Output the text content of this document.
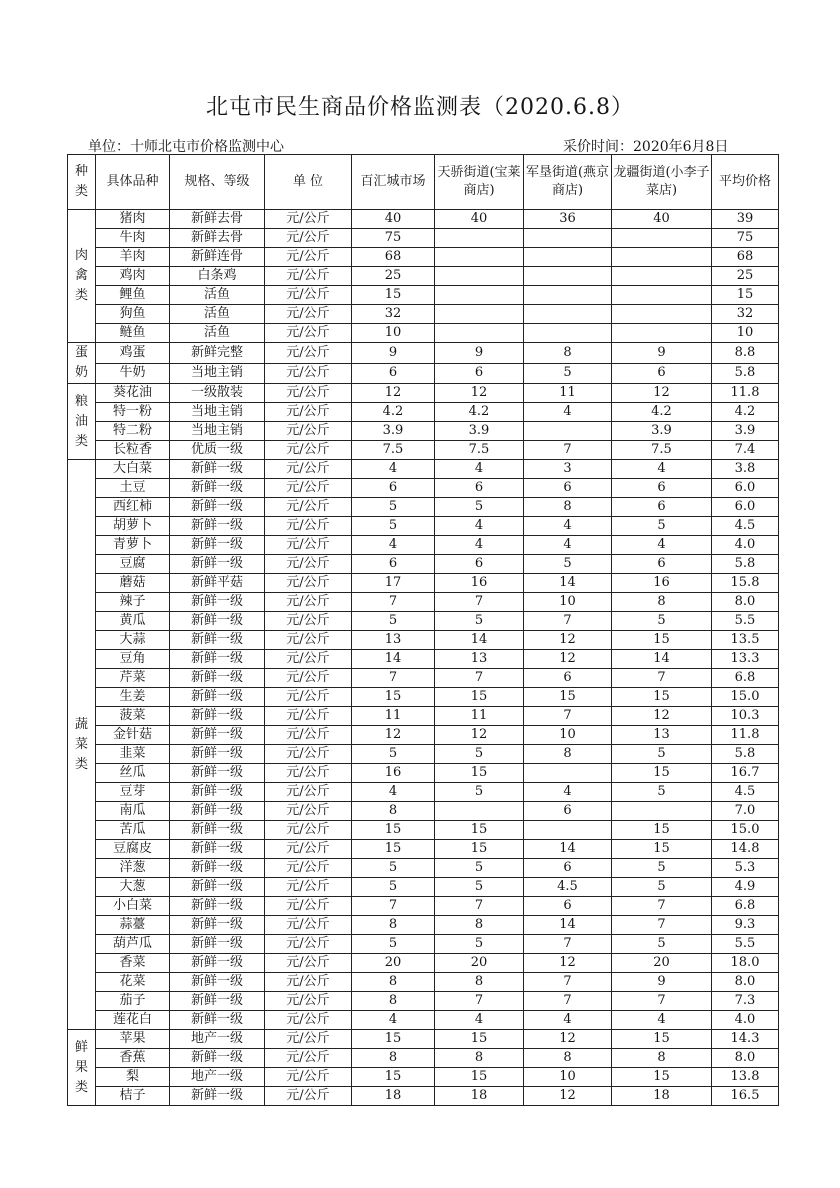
北屯市民生商品价格监测表（2020.6.8）
单位：十师北屯市价格监测中心	采价时间：2020年6月8日
种类	具体品种	规格、等级	单 位	百汇城市场	天骄街道(宝莱商店)	军垦街道(燕京商店)	龙疆街道(小李子菜店)	平均价格
肉禽类	猪肉	新鲜去骨	元/公斤	40	40	36	40	39
	牛肉	新鲜去骨	元/公斤	75				75
	羊肉	新鲜连骨	元/公斤	68				68
	鸡肉	白条鸡	元/公斤	25				25
	鲤鱼	活鱼	元/公斤	15				15
	狗鱼	活鱼	元/公斤	32				32
	鲢鱼	活鱼	元/公斤	10				10
蛋奶	鸡蛋	新鲜完整	元/公斤	9	9	8	9	8.8
	牛奶	当地主销	元/公斤	6	6	5	6	5.8
粮油类	葵花油	一级散装	元/公斤	12	12	11	12	11.8
	特一粉	当地主销	元/公斤	4.2	4.2	4	4.2	4.2
	特二粉	当地主销	元/公斤	3.9	3.9		3.9	3.9
	长粒香	优质一级	元/公斤	7.5	7.5	7	7.5	7.4
蔬菜类	大白菜	新鲜一级	元/公斤	4	4	3	4	3.8
	土豆	新鲜一级	元/公斤	6	6	6	6	6.0
	西红柿	新鲜一级	元/公斤	5	5	8	6	6.0
	胡萝卜	新鲜一级	元/公斤	5	4	4	5	4.5
	青萝卜	新鲜一级	元/公斤	4	4	4	4	4.0
	豆腐	新鲜一级	元/公斤	6	6	5	6	5.8
	蘑菇	新鲜平菇	元/公斤	17	16	14	16	15.8
	辣子	新鲜一级	元/公斤	7	7	10	8	8.0
	黄瓜	新鲜一级	元/公斤	5	5	7	5	5.5
	大蒜	新鲜一级	元/公斤	13	14	12	15	13.5
	豆角	新鲜一级	元/公斤	14	13	12	14	13.3
	芹菜	新鲜一级	元/公斤	7	7	6	7	6.8
	生姜	新鲜一级	元/公斤	15	15	15	15	15.0
	菠菜	新鲜一级	元/公斤	11	11	7	12	10.3
	金针菇	新鲜一级	元/公斤	12	12	10	13	11.8
	韭菜	新鲜一级	元/公斤	5	5	8	5	5.8
	丝瓜	新鲜一级	元/公斤	16	15		15	16.7
	豆芽	新鲜一级	元/公斤	4	5	4	5	4.5
	南瓜	新鲜一级	元/公斤	8		6		7.0
	苦瓜	新鲜一级	元/公斤	15	15		15	15.0
	豆腐皮	新鲜一级	元/公斤	15	15	14	15	14.8
	洋葱	新鲜一级	元/公斤	5	5	6	5	5.3
	大葱	新鲜一级	元/公斤	5	5	4.5	5	4.9
	小白菜	新鲜一级	元/公斤	7	7	6	7	6.8
	蒜薹	新鲜一级	元/公斤	8	8	14	7	9.3
	葫芦瓜	新鲜一级	元/公斤	5	5	7	5	5.5
	香菜	新鲜一级	元/公斤	20	20	12	20	18.0
	花菜	新鲜一级	元/公斤	8	8	7	9	8.0
	茄子	新鲜一级	元/公斤	8	7	7	7	7.3
	莲花白	新鲜一级	元/公斤	4	4	4	4	4.0
鲜果类	苹果	地产一级	元/公斤	15	15	12	15	14.3
	香蕉	新鲜一级	元/公斤	8	8	8	8	8.0
	梨	地产一级	元/公斤	15	15	10	15	13.8
	桔子	新鲜一级	元/公斤	18	18	12	18	16.5
